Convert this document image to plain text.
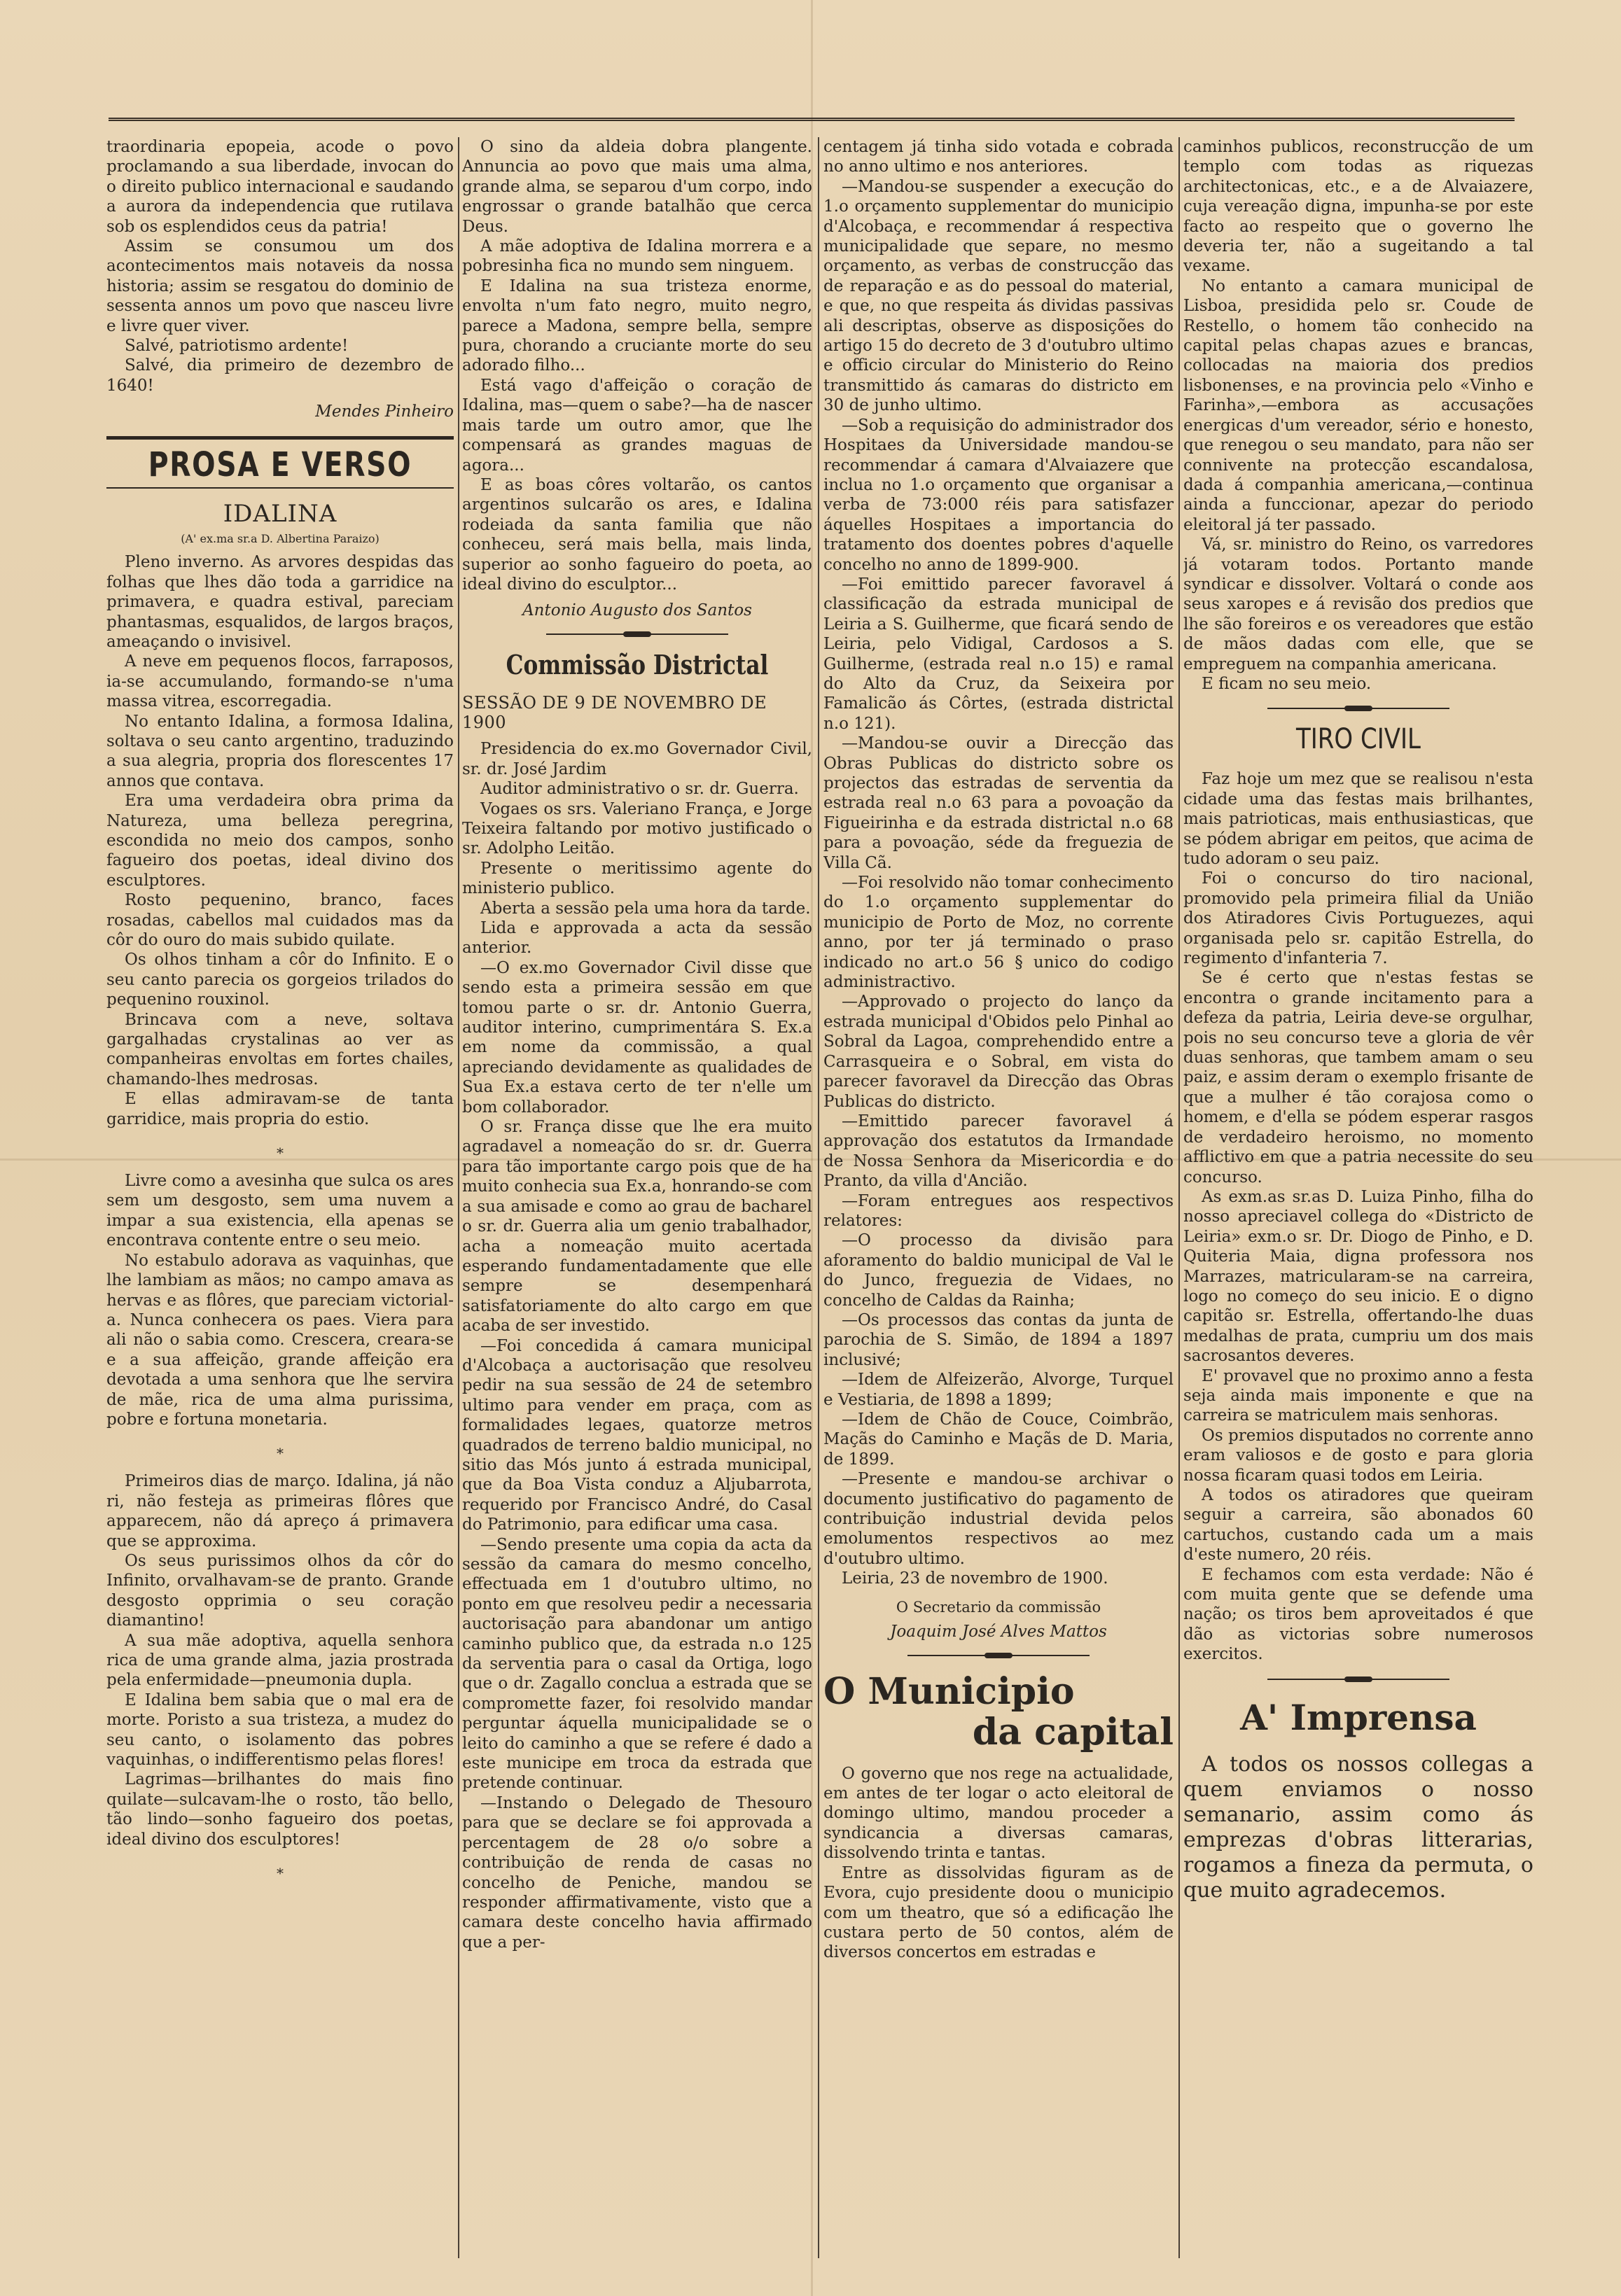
traordinaria epopeia, acode o povo proclamando a sua liberdade, invocan do o direito publico internacional e saudando a aurora da independencia que rutilava sob os esplendidos ceus da patria!

Assim se consumou um dos acontecimentos mais notaveis da nossa historia; assim se resgatou do dominio de sessenta annos um povo que nasceu livre e livre quer viver.

Salvé, patriotismo ardente!

Salvé, dia primeiro de dezembro de 1640!

Mendes Pinheiro

PROSA E VERSO
IDALINA
(A' ex.ma sr.a D. Albertina Paraizo)

Pleno inverno. As arvores despidas das folhas que lhes dão toda a garridice na primavera, e quadra estival, pareciam phantasmas, esqualidos, de largos braços, ameaçando o invisivel.

A neve em pequenos flocos, farraposos, ia-se accumulando, formando-se n'uma massa vitrea, escorregadia.

No entanto Idalina, a formosa Idalina, soltava o seu canto argentino, traduzindo a sua alegria, propria dos florescentes 17 annos que contava.

Era uma verdadeira obra prima da Natureza, uma belleza peregrina, escondida no meio dos campos, sonho fagueiro dos poetas, ideal divino dos esculptores.

Rosto pequenino, branco, faces rosadas, cabellos mal cuidados mas da côr do ouro do mais subido quilate.

Os olhos tinham a côr do Infinito. E o seu canto parecia os gorgeios trilados do pequenino rouxinol.

Brincava com a neve, soltava gargalhadas crystalinas ao ver as companheiras envoltas em fortes chailes, chamando-lhes medrosas.

E ellas admiravam-se de tanta garridice, mais propria do estio.

*

Livre como a avesinha que sulca os ares sem um desgosto, sem uma nuvem a impar a sua existencia, ella apenas se encontrava contente entre o seu meio.

No estabulo adorava as vaquinhas, que lhe lambiam as mãos; no campo amava as hervas e as flôres, que pareciam victorial-a. Nunca conhecera os paes. Viera para ali não o sabia como. Crescera, creara-se e a sua affeição, grande affeição era devotada a uma senhora que lhe servira de mãe, rica de uma alma purissima, pobre e fortuna monetaria.

*

Primeiros dias de março. Idalina, já não ri, não festeja as primeiras flôres que apparecem, não dá apreço á primavera que se approxima.

Os seus purissimos olhos da côr do Infinito, orvalhavam-se de pranto. Grande desgosto opprimia o seu coração diamantino!

A sua mãe adoptiva, aquella senhora rica de uma grande alma, jazia prostrada pela enfermidade—pneumonia dupla.

E Idalina bem sabia que o mal era de morte. Poristo a sua tristeza, a mudez do seu canto, o isolamento das pobres vaquinhas, o indifferentismo pelas flores!

Lagrimas—brilhantes do mais fino quilate—sulcavam-lhe o rosto, tão bello, tão lindo—sonho fagueiro dos poetas, ideal divino dos esculptores!

*

O sino da aldeia dobra plangente. Annuncia ao povo que mais uma alma, grande alma, se separou d'um corpo, indo engrossar o grande batalhão que cerca Deus.

A mãe adoptiva de Idalina morrera e a pobresinha fica no mundo sem ninguem.

E Idalina na sua tristeza enorme, envolta n'um fato negro, muito negro, parece a Madona, sempre bella, sempre pura, chorando a cruciante morte do seu adorado filho...

Está vago d'affeição o coração de Idalina, mas—quem o sabe?—ha de nascer mais tarde um outro amor, que lhe compensará as grandes maguas de agora...

E as boas côres voltarão, os cantos argentinos sulcarão os ares, e Idalina rodeiada da santa familia que não conheceu, será mais bella, mais linda, superior ao sonho fagueiro do poeta, ao ideal divino do esculptor...

Antonio Augusto dos Santos

Commissão Districtal
SESSÃO DE 9 DE NOVEMBRO DE 1900

Presidencia do ex.mo Governador Civil, sr. dr. José Jardim

Auditor administrativo o sr. dr. Guerra.

Vogaes os srs. Valeriano França, e Jorge Teixeira faltando por motivo justificado o sr. Adolpho Leitão.

Presente o meritissimo agente do ministerio publico.

Aberta a sessão pela uma hora da tarde.

Lida e approvada a acta da sessão anterior.

—O ex.mo Governador Civil disse que sendo esta a primeira sessão em que tomou parte o sr. dr. Antonio Guerra, auditor interino, cumprimentára S. Ex.a em nome da commissão, a qual apreciando devidamente as qualidades de Sua Ex.a estava certo de ter n'elle um bom collaborador.

O sr. França disse que lhe era muito agradavel a nomeação do sr. dr. Guerra para tão importante cargo pois que de ha muito conhecia sua Ex.a, honrando-se com a sua amisade e como ao grau de bacharel o sr. dr. Guerra alia um genio trabalhador, acha a nomeação muito acertada esperando fundamentadamente que elle sempre se desempenhará satisfatoriamente do alto cargo em que acaba de ser investido.

—Foi concedida á camara municipal d'Alcobaça a auctorisação que resolveu pedir na sua sessão de 24 de setembro ultimo para vender em praça, com as formalidades legaes, quatorze metros quadrados de terreno baldio municipal, no sitio das Mós junto á estrada municipal, que da Boa Vista conduz a Aljubarrota, requerido por Francisco André, do Casal do Patrimonio, para edificar uma casa.

—Sendo presente uma copia da acta da sessão da camara do mesmo concelho, effectuada em 1 d'outubro ultimo, no ponto em que resolveu pedir a necessaria auctorisação para abandonar um antigo caminho publico que, da estrada n.o 125 da serventia para o casal da Ortiga, logo que o dr. Zagallo conclua a estrada que se compromette fazer, foi resolvido mandar perguntar áquella municipalidade se o leito do caminho a que se refere é dado a este municipe em troca da estrada que pretende continuar.

—Instando o Delegado de Thesouro para que se declare se foi approvada a percentagem de 28 o/o sobre a contribuição de renda de casas no concelho de Peniche, mandou se responder affirmativamente, visto que a camara deste concelho havia affirmado que a per-

centagem já tinha sido votada e cobrada no anno ultimo e nos anteriores.

—Mandou-se suspender a execução do 1.o orçamento supplementar do municipio d'Alcobaça, e recommendar á respectiva municipalidade que separe, no mesmo orçamento, as verbas de construcção das de reparação e as do pessoal do material, e que, no que respeita ás dividas passivas ali descriptas, observe as disposições do artigo 15 do decreto de 3 d'outubro ultimo e officio circular do Ministerio do Reino transmittido ás camaras do districto em 30 de junho ultimo.

—Sob a requisição do administrador dos Hospitaes da Universidade mandou-se recommendar á camara d'Alvaiazere que inclua no 1.o orçamento que organisar a verba de 73:000 réis para satisfazer áquelles Hospitaes a importancia do tratamento dos doentes pobres d'aquelle concelho no anno de 1899-900.

—Foi emittido parecer favoravel á classificação da estrada municipal de Leiria a S. Guilherme, que ficará sendo de Leiria, pelo Vidigal, Cardosos a S. Guilherme, (estrada real n.o 15) e ramal do Alto da Cruz, da Seixeira por Famalicão ás Côrtes, (estrada districtal n.o 121).

—Mandou-se ouvir a Direcção das Obras Publicas do districto sobre os projectos das estradas de serventia da estrada real n.o 63 para a povoação da Figueirinha e da estrada districtal n.o 68 para a povoação, séde da freguezia de Villa Cã.

—Foi resolvido não tomar conhecimento do 1.o orçamento supplementar do municipio de Porto de Moz, no corrente anno, por ter já terminado o praso indicado no art.o 56 § unico do codigo administractivo.

—Approvado o projecto do lanço da estrada municipal d'Obidos pelo Pinhal ao Sobral da Lagoa, comprehendido entre a Carrasqueira e o Sobral, em vista do parecer favoravel da Direcção das Obras Publicas do districto.

—Emittido parecer favoravel á approvação dos estatutos da Irmandade de Nossa Senhora da Misericordia e do Pranto, da villa d'Ancião.

—Foram entregues aos respectivos relatores:

—O processo da divisão para aforamento do baldio municipal de Val le do Junco, freguezia de Vidaes, no concelho de Caldas da Rainha;

—Os processos das contas da junta de parochia de S. Simão, de 1894 a 1897 inclusivé;

—Idem de Alfeizerão, Alvorge, Turquel e Vestiaria, de 1898 a 1899;

—Idem de Chão de Couce, Coimbrão, Maçãs do Caminho e Maçãs de D. Maria, de 1899.

—Presente e mandou-se archivar o documento justificativo do pagamento de contribuição industrial devida pelos emolumentos respectivos ao mez d'outubro ultimo.

Leiria, 23 de novembro de 1900.

O Secretario da commissão

Joaquim José Alves Mattos

O Municipio
da capital

O governo que nos rege na actualidade, em antes de ter logar o acto eleitoral de domingo ultimo, mandou proceder a syndicancia a diversas camaras, dissolvendo trinta e tantas.

Entre as dissolvidas figuram as de Evora, cujo presidente doou o municipio com um theatro, que só a edificação lhe custara perto de 50 contos, além de diversos concertos em estradas e

caminhos publicos, reconstrucção de um templo com todas as riquezas architectonicas, etc., e a de Alvaiazere, cuja vereação digna, impunha-se por este facto ao respeito que o governo lhe deveria ter, não a sugeitando a tal vexame.

No entanto a camara municipal de Lisboa, presidida pelo sr. Coude de Restello, o homem tão conhecido na capital pelas chapas azues e brancas, collocadas na maioria dos predios lisbonenses, e na provincia pelo «Vinho e Farinha»,—embora as accusações energicas d'um vereador, sério e honesto, que renegou o seu mandato, para não ser connivente na protecção escandalosa, dada á companhia americana,—continua ainda a funccionar, apezar do periodo eleitoral já ter passado.

Vá, sr. ministro do Reino, os varredores já votaram todos. Portanto mande syndicar e dissolver. Voltará o conde aos seus xaropes e á revisão dos predios que lhe são foreiros e os vereadores que estão de mãos dadas com elle, que se empreguem na companhia americana.

E ficam no seu meio.

TIRO CIVIL

Faz hoje um mez que se realisou n'esta cidade uma das festas mais brilhantes, mais patrioticas, mais enthusiasticas, que se pódem abrigar em peitos, que acima de tudo adoram o seu paiz.

Foi o concurso do tiro nacional, promovido pela primeira filial da União dos Atiradores Civis Portuguezes, aqui organisada pelo sr. capitão Estrella, do regimento d'infanteria 7.

Se é certo que n'estas festas se encontra o grande incitamento para a defeza da patria, Leiria deve-se orgulhar, pois no seu concurso teve a gloria de vêr duas senhoras, que tambem amam o seu paiz, e assim deram o exemplo frisante de que a mulher é tão corajosa como o homem, e d'ella se pódem esperar rasgos de verdadeiro heroismo, no momento afflictivo em que a patria necessite do seu concurso.

As exm.as sr.as D. Luiza Pinho, filha do nosso apreciavel collega do «Districto de Leiria» exm.o sr. Dr. Diogo de Pinho, e D. Quiteria Maia, digna professora nos Marrazes, matricularam-se na carreira, logo no começo do seu inicio. E o digno capitão sr. Estrella, offertando-lhe duas medalhas de prata, cumpriu um dos mais sacrosantos deveres.

E' provavel que no proximo anno a festa seja ainda mais imponente e que na carreira se matriculem mais senhoras.

Os premios disputados no corrente anno eram valiosos e de gosto e para gloria nossa ficaram quasi todos em Leiria.

A todos os atiradores que queiram seguir a carreira, são abonados 60 cartuchos, custando cada um a mais d'este numero, 20 réis.

E fechamos com esta verdade: Não é com muita gente que se defende uma nação; os tiros bem aproveitados é que dão as victorias sobre numerosos exercitos.

A' Imprensa

A todos os nossos collegas a quem enviamos o nosso semanario, assim como ás emprezas d'obras litterarias, rogamos a fineza da permuta, o que muito agradecemos.
